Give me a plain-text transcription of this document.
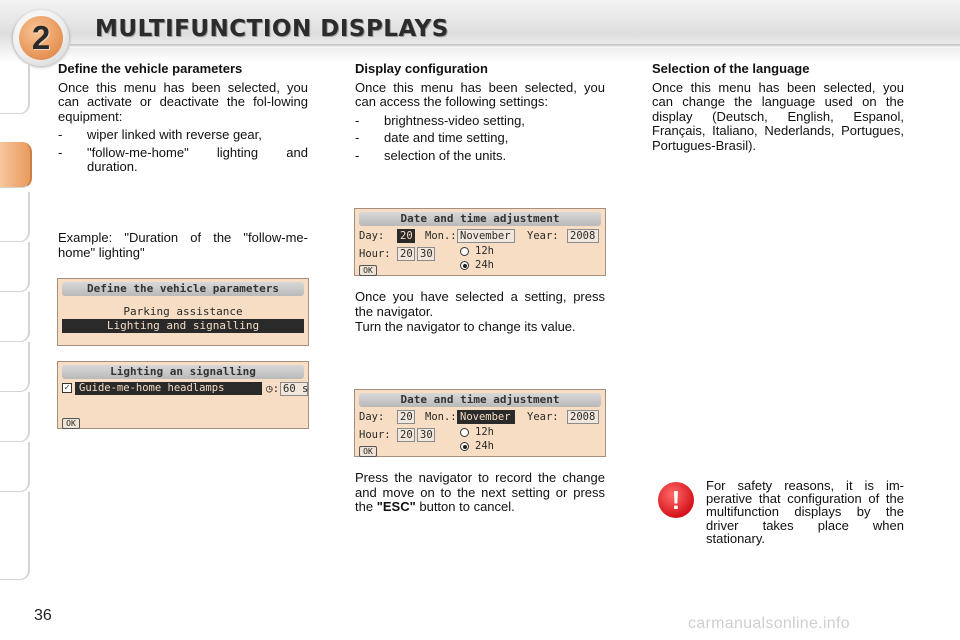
2	MULTIFUNCTION DISPLAYS
Define the vehicle parameters
Once this menu has been selected, you can activate or deactivate the fol-lowing equipment:
-	wiper linked with reverse gear,
-	"follow-me-home" lighting and duration.
Example: "Duration of the "follow-me-home" lighting"
Define the vehicle parameters
Parking assistance
Lighting and signalling
Lighting an signalling
✓ Guide-me-home headlamps	◷: 60 s
OK
Display configuration
Once this menu has been selected, you can access the following settings:
-	brightness-video setting,
-	date and time setting,
-	selection of the units.
Date and time adjustment
Day: 20 Mon.: November	Year: 2008
Hour: 20 30	12h
24h
OK
Once you have selected a setting, press the navigator.
Turn the navigator to change its value.
Date and time adjustment
Day: 20 Mon.: November	Year: 2008
Hour: 20 30	12h
24h
OK
Press the navigator to record the change and move on to the next setting or press the "ESC" button to cancel.
Selection of the language
Once this menu has been selected, you can change the language used on the display (Deutsch, English, Espanol, Français, Italiano, Nederlands, Portugues, Portugues-Brasil).
!	For safety reasons, it is im-perative that configuration of the multifunction displays by the driver takes place when stationary.
36	carmanualsonline.info
